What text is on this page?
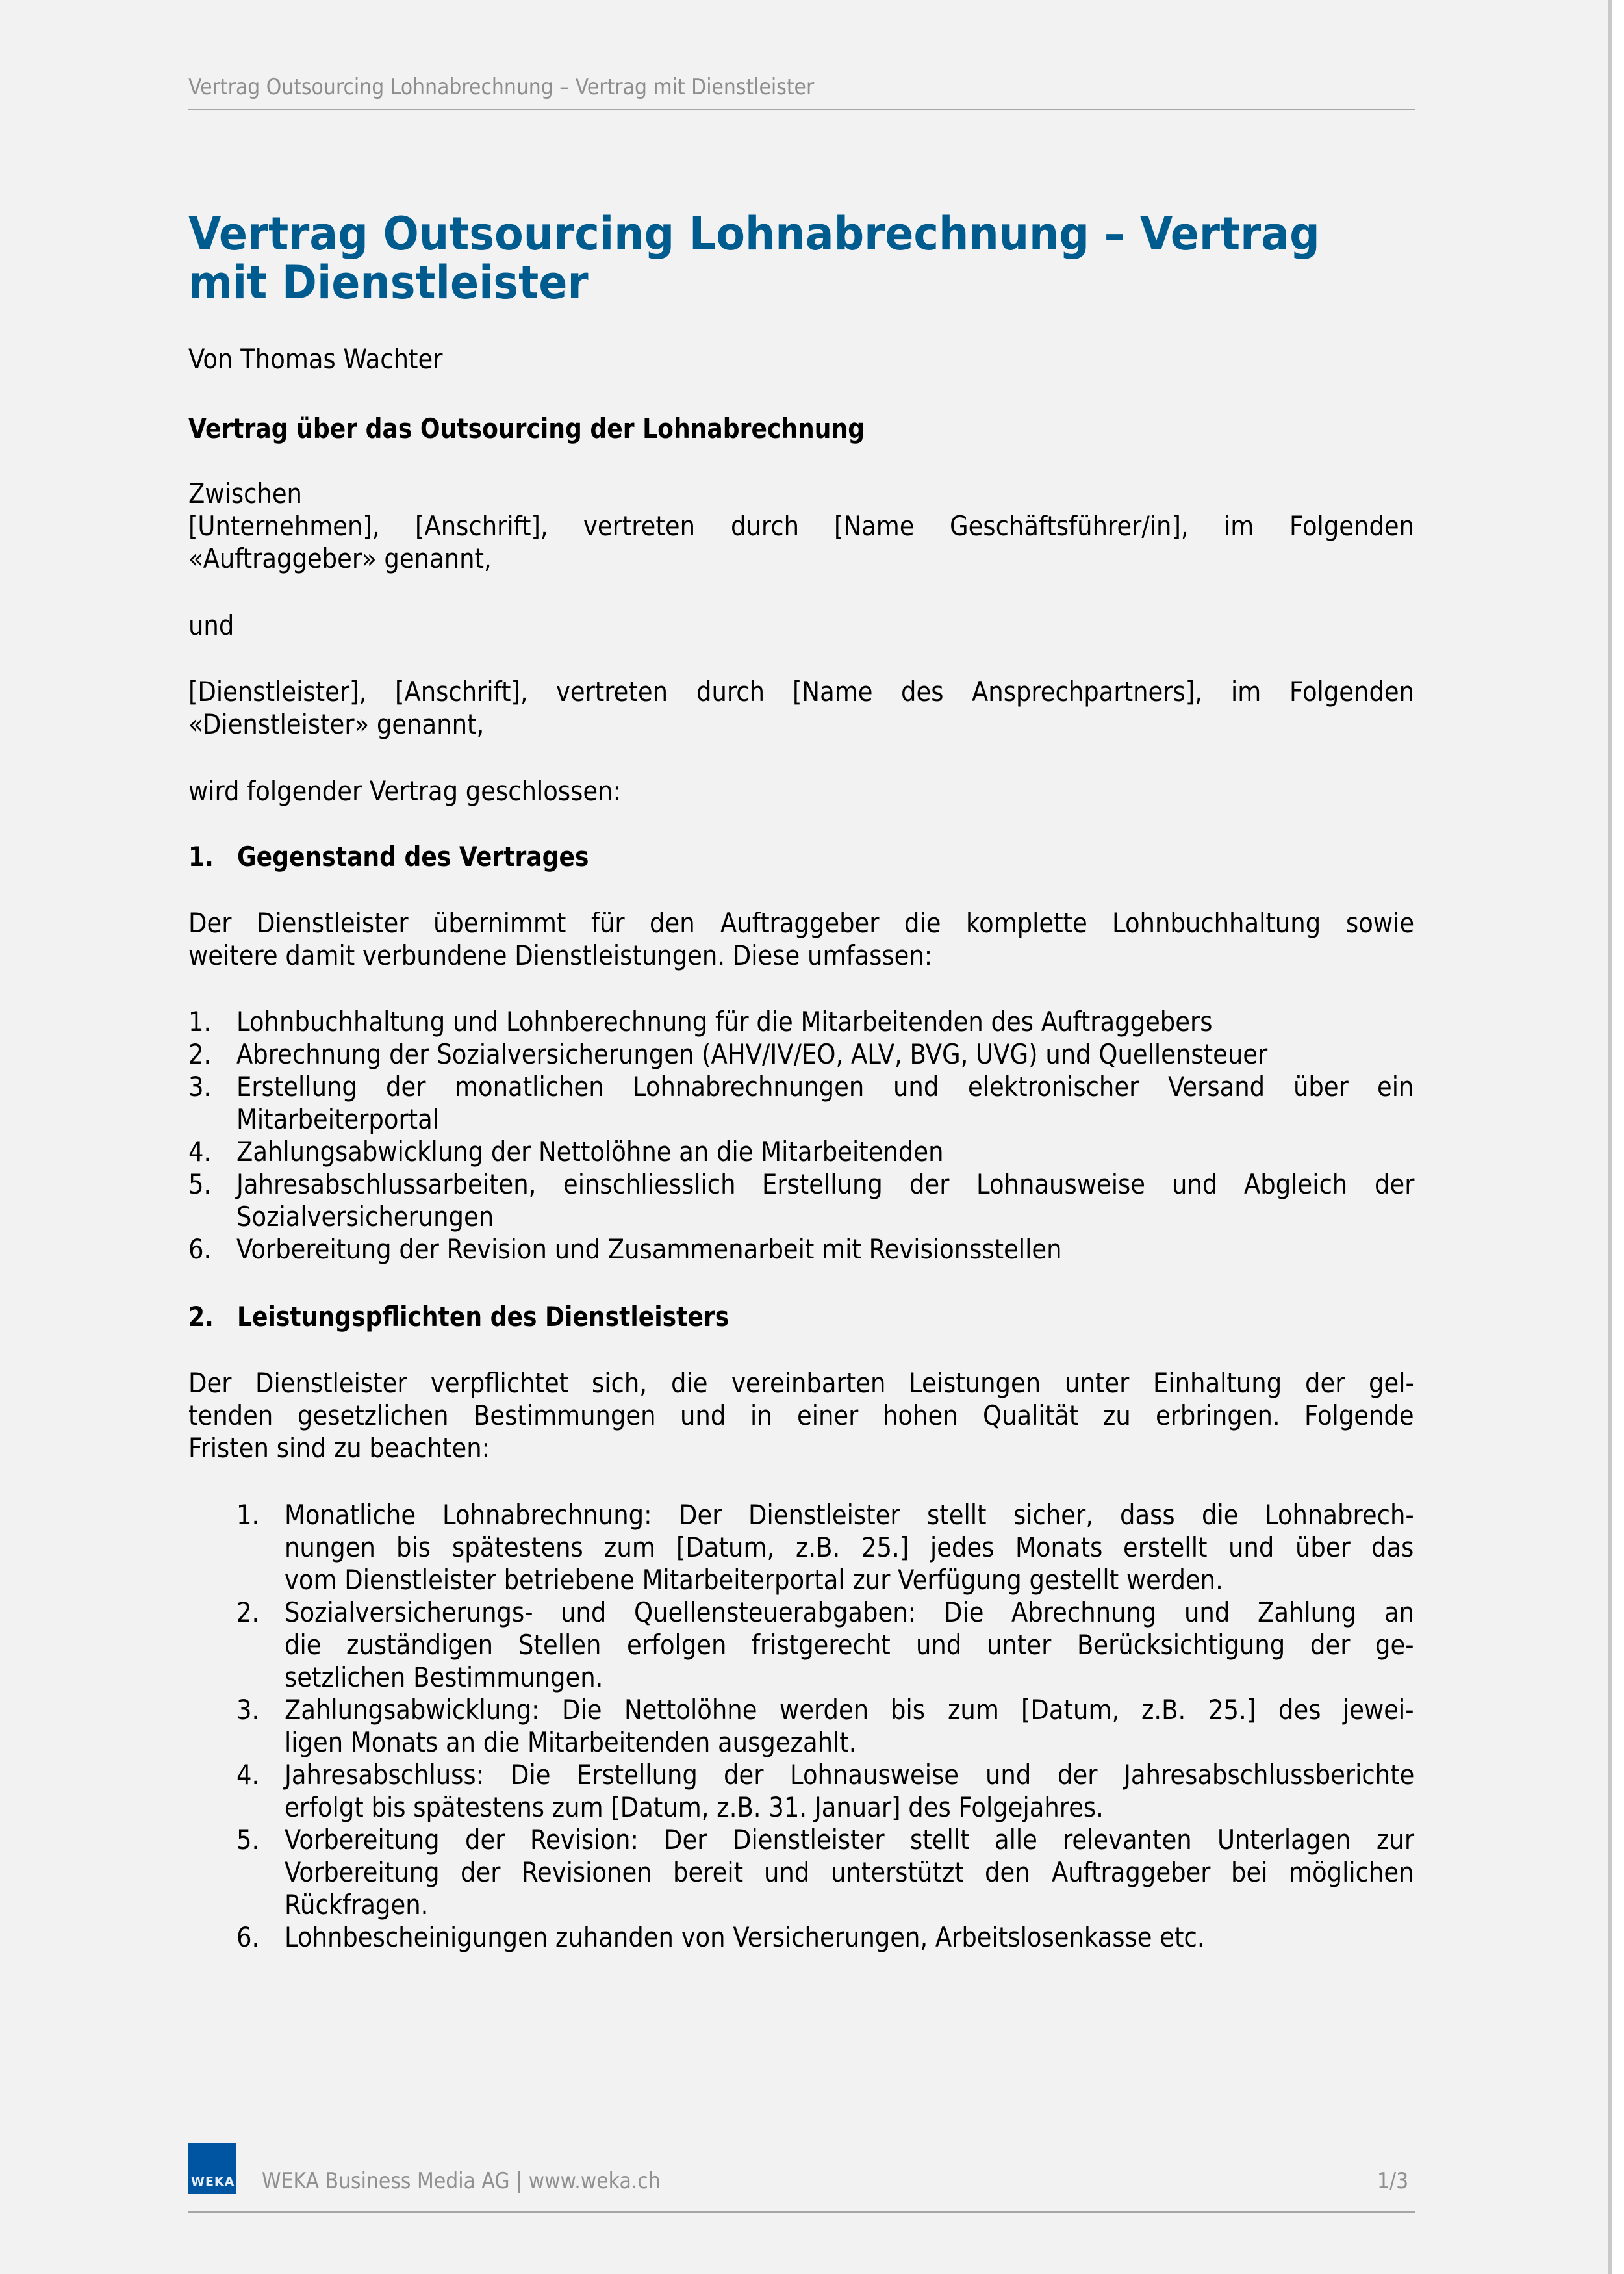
Vertrag Outsourcing Lohnabrechnung – Vertrag mit Dienstleister
Vertrag Outsourcing Lohnabrechnung – Vertrag
mit Dienstleister
Von Thomas Wachter
Vertrag über das Outsourcing der Lohnabrechnung
Zwischen
[Unternehmen], [Anschrift], vertreten durch [Name Geschäftsführer/in], im Folgenden
«Auftraggeber» genannt,
und
[Dienstleister], [Anschrift], vertreten durch [Name des Ansprechpartners], im Folgenden
«Dienstleister» genannt,
wird folgender Vertrag geschlossen:
1. Gegenstand des Vertrages
Der Dienstleister übernimmt für den Auftraggeber die komplette Lohnbuchhaltung sowie
weitere damit verbundene Dienstleistungen. Diese umfassen:
1. Lohnbuchhaltung und Lohnberechnung für die Mitarbeitenden des Auftraggebers
2. Abrechnung der Sozialversicherungen (AHV/IV/EO, ALV, BVG, UVG) und Quellensteuer
3. Erstellung der monatlichen Lohnabrechnungen und elektronischer Versand über ein
Mitarbeiterportal
4. Zahlungsabwicklung der Nettolöhne an die Mitarbeitenden
5. Jahresabschlussarbeiten, einschliesslich Erstellung der Lohnausweise und Abgleich der
Sozialversicherungen
6. Vorbereitung der Revision und Zusammenarbeit mit Revisionsstellen
2. Leistungspflichten des Dienstleisters
Der Dienstleister verpflichtet sich, die vereinbarten Leistungen unter Einhaltung der gel-
tenden gesetzlichen Bestimmungen und in einer hohen Qualität zu erbringen. Folgende
Fristen sind zu beachten:
1. Monatliche Lohnabrechnung: Der Dienstleister stellt sicher, dass die Lohnabrech-
nungen bis spätestens zum [Datum, z.B. 25.] jedes Monats erstellt und über das
vom Dienstleister betriebene Mitarbeiterportal zur Verfügung gestellt werden.
2. Sozialversicherungs- und Quellensteuerabgaben: Die Abrechnung und Zahlung an
die zuständigen Stellen erfolgen fristgerecht und unter Berücksichtigung der ge-
setzlichen Bestimmungen.
3. Zahlungsabwicklung: Die Nettolöhne werden bis zum [Datum, z.B. 25.] des jewei-
ligen Monats an die Mitarbeitenden ausgezahlt.
4. Jahresabschluss: Die Erstellung der Lohnausweise und der Jahresabschlussberichte
erfolgt bis spätestens zum [Datum, z.B. 31. Januar] des Folgejahres.
5. Vorbereitung der Revision: Der Dienstleister stellt alle relevanten Unterlagen zur
Vorbereitung der Revisionen bereit und unterstützt den Auftraggeber bei möglichen
Rückfragen.
6. Lohnbescheinigungen zuhanden von Versicherungen, Arbeitslosenkasse etc.
WEKA WEKA Business Media AG | www.weka.ch	1/3
